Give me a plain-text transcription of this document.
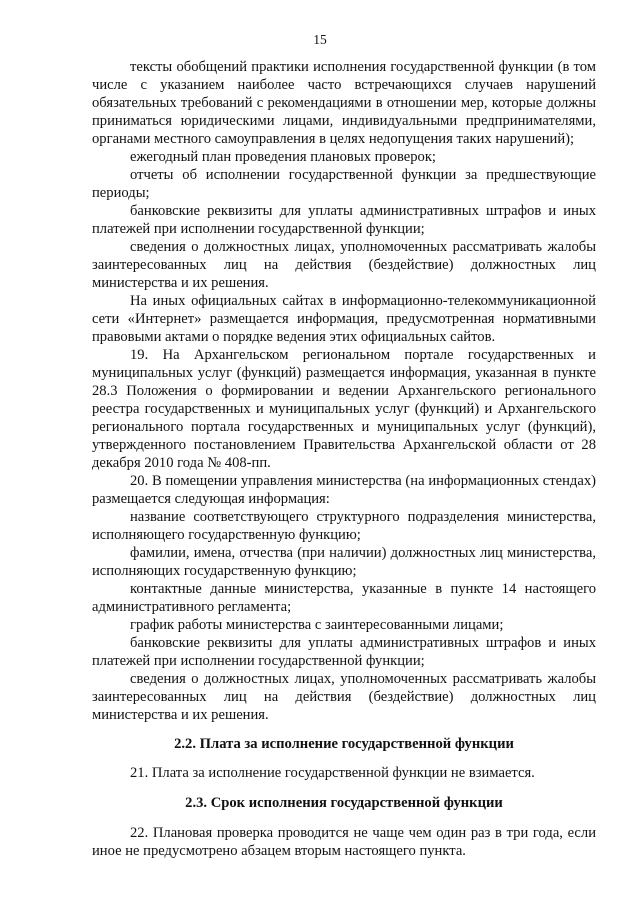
15

тексты обобщений практики исполнения государственной функции (в том числе с указанием наиболее часто встречающихся случаев нарушений обязательных требований с рекомендациями в отношении мер, которые должны приниматься юридическими лицами, индивидуальными предпринимателями, органами местного самоуправления в целях недопущения таких нарушений);

ежегодный план проведения плановых проверок;

отчеты об исполнении государственной функции за предшествующие периоды;

банковские реквизиты для уплаты административных штрафов и иных платежей при исполнении государственной функции;

сведения о должностных лицах, уполномоченных рассматривать жалобы заинтересованных лиц на действия (бездействие) должностных лиц министерства и их решения.

На иных официальных сайтах в информационно-телекоммуникационной сети «Интернет» размещается информация, предусмотренная нормативными правовыми актами о порядке ведения этих официальных сайтов.

19. На Архангельском региональном портале государственных и муниципальных услуг (функций) размещается информация, указанная в пункте 28.3 Положения о формировании и ведении Архангельского регионального реестра государственных и муниципальных услуг (функций) и Архангельского регионального портала государственных и муниципальных услуг (функций), утвержденного постановлением Правительства Архангельской области от 28 декабря 2010 года № 408-пп.

20. В помещении управления министерства (на информационных стендах) размещается следующая информация:

название соответствующего структурного подразделения министерства, исполняющего государственную функцию;

фамилии, имена, отчества (при наличии) должностных лиц министерства, исполняющих государственную функцию;

контактные данные министерства, указанные в пункте 14 настоящего административного регламента;

график работы министерства с заинтересованными лицами;

банковские реквизиты для уплаты административных штрафов и иных платежей при исполнении государственной функции;

сведения о должностных лицах, уполномоченных рассматривать жалобы заинтересованных лиц на действия (бездействие) должностных лиц министерства и их решения.

2.2. Плата за исполнение государственной функции

21. Плата за исполнение государственной функции не взимается.

2.3. Срок исполнения государственной функции

22. Плановая проверка проводится не чаще чем один раз в три года, если иное не предусмотрено абзацем вторым настоящего пункта.
